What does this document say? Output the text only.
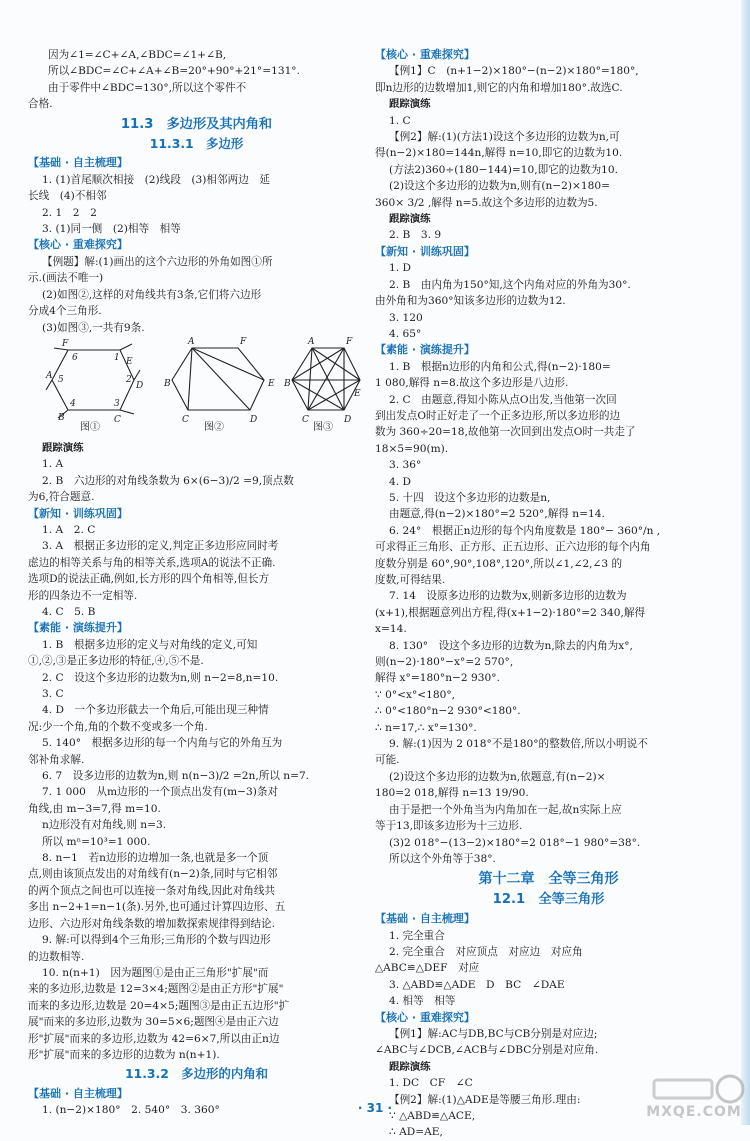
因为∠1=∠C+∠A,∠BDC=∠1+∠B,
所以∠BDC=∠C+∠A+∠B=20°+90°+21°=131°.
由于零件中∠BDC=130°,所以这个零件不
合格.
11.3　多边形及其内角和
11.3.1　多边形
【基础 · 自主梳理】
1. (1)首尾顺次相接　(2)线段　(3)相邻两边　延
长线　(4)不相邻
2. 1　2　2
3. (1)同一侧　(2)相等　相等
【核心 · 重难探究】
【例题】解:(1)画出的这个六边形的外角如图①所
示.(画法不唯一)
(2)如图②,这样的对角线共有3条,它们将六边形
分成4个三角形.
(3)如图③,一共有9条.
A
B	C
D
E
F
6	1
2
3
4
5
A
B
C	D
E
F	A
B
C	D
E
F
图①	图②	图③
跟踪演练
1. A
2. B　六边形的对角线条数为 6×(6−3)/2 =9,顶点数
为6,符合题意.
【新知 · 训练巩固】
1. A　2. C
3. A　根据正多边形的定义,判定正多边形应同时考
虑边的相等关系与角的相等关系,选项A的说法不正确.
选项D的说法正确,例如,长方形的四个角相等,但长方
形的四条边不一定相等.
4. C　5. B
【素能 · 演练提升】
1. B　根据多边形的定义与对角线的定义,可知
①,②,③是正多边形的特征,④,⑤不是.
2. C　设这个多边形的边数为n,则 n−2=8,n=10.
3. C
4. D　一个多边形截去一个角后,可能出现三种情
况:少一个角,角的个数不变或多一个角.
5. 140°　根据多边形的每一个内角与它的外角互为
邻补角求解.
6. 7　设多边形的边数为n,则 n(n−3)/2 =2n,所以 n=7.
7. 1 000　从m边形的一个顶点出发有(m−3)条对
角线,由 m−3=7,得 m=10.
n边形没有对角线,则 n=3.
所以 mⁿ=10³=1 000.
8. n−1　若n边形的边增加一条,也就是多一个顶
点,则由该顶点发出的对角线有(n−2)条,同时与它相邻
的两个顶点之间也可以连接一条对角线,因此对角线共
多出 n−2+1=n−1(条).另外,也可通过计算四边形、五
边形、六边形对角线条数的增加数探索规律得到结论.
9. 解:可以得到4个三角形;三角形的个数与四边形
的边数相等.
10. n(n+1)　因为题图①是由正三角形"扩展"而
来的多边形,边数是 12=3×4;题图②是由正方形"扩展"
而来的多边形,边数是 20=4×5;题图③是由正五边形"扩
展"而来的多边形,边数为 30=5×6;题图④是由正六边
形"扩展"而来的多边形,边数为 42=6×7,所以由正n边
形"扩展"而来的多边形的边数为 n(n+1).
11.3.2　多边形的内角和
【基础 · 自主梳理】
1. (n−2)×180°　2. 540°　3. 360°
【核心 · 重难探究】
【例1】C　(n+1−2)×180°−(n−2)×180°=180°,
即n边形的边数增加1,则它的内角和增加180°.故选C.
跟踪演练
1. C
【例2】解:(1)(方法1)设这个多边形的边数为n,可
得(n−2)×180=144n,解得 n=10,即它的边数为10.
(方法2)360÷(180−144)=10,即它的边数为10.
(2)设这个多边形的边数为n,则有(n−2)×180=
360× 3/2 ,解得 n=5.故这个多边形的边数为5.
跟踪演练
2. B　3. 9
【新知 · 训练巩固】
1. D
2. B　由内角为150°知,这个内角对应的外角为30°.
由外角和为360°知该多边形的边数为12.
3. 120
4. 65°
【素能 · 演练提升】
1. B　根据n边形的内角和公式,得(n−2)·180=
1 080,解得 n=8.故这个多边形是八边形.
2. C　由题意,得知小陈从点O出发,当他第一次回
到出发点O时正好走了一个正多边形,所以多边形的边
数为 360÷20=18,故他第一次回到出发点O时一共走了
18×5=90(m).
3. 36°
4. D
5. 十四　设这个多边形的边数是n,
由题意,得(n−2)×180°=2 520°,解得 n=14.
6. 24°　根据正n边形的每个内角度数是 180°− 360°/n ,
可求得正三角形、正方形、正五边形、正六边形的每个内角
度数分别是 60°,90°,108°,120°,所以∠1,∠2,∠3 的
度数,可得结果.
7. 14　设原多边形的边数为x,则新多边形的边数为
(x+1),根据题意列出方程,得(x+1−2)·180°=2 340,解得
x=14.
8. 130°　设这个多边形的边数为n,除去的内角为x°,
则(n−2)·180°−x°=2 570°,
解得 x°=180°n−2 930°.
∵ 0°<x°<180°,
∴ 0°<180°n−2 930°<180°.
∴ n=17,∴ x°=130°.
9. 解:(1)因为 2 018°不是180°的整数倍,所以小明说不
可能.
(2)设这个多边形的边数为n,依题意,有(n−2)×
180=2 018,解得 n=13 19/90.
由于是把一个外角当为内角加在一起,故n实际上应
等于13,即该多边形为十三边形.
(3)2 018°−(13−2)×180°=2 018°−1 980°=38°.
所以这个外角等于38°.
第十二章　全等三角形
12.1　全等三角形
【基础 · 自主梳理】
1. 完全重合
2. 完全重合　对应顶点　对应边　对应角
△ABC≌△DEF　对应
3. △ABD≌△ADE　D　BC　∠DAE
4. 相等　相等
【核心 · 重难探究】
【例1】解:AC与DB,BC与CB分别是对应边;
∠ABC与∠DCB,∠ACB与∠DBC分别是对应角.
跟踪演练
1. DC　CF　∠C
【例2】解:(1)△ADE是等腰三角形.理由:
∵ △ABD≌△ACE,
∴ AD=AE,
· 31 ·	MXQE.COM
